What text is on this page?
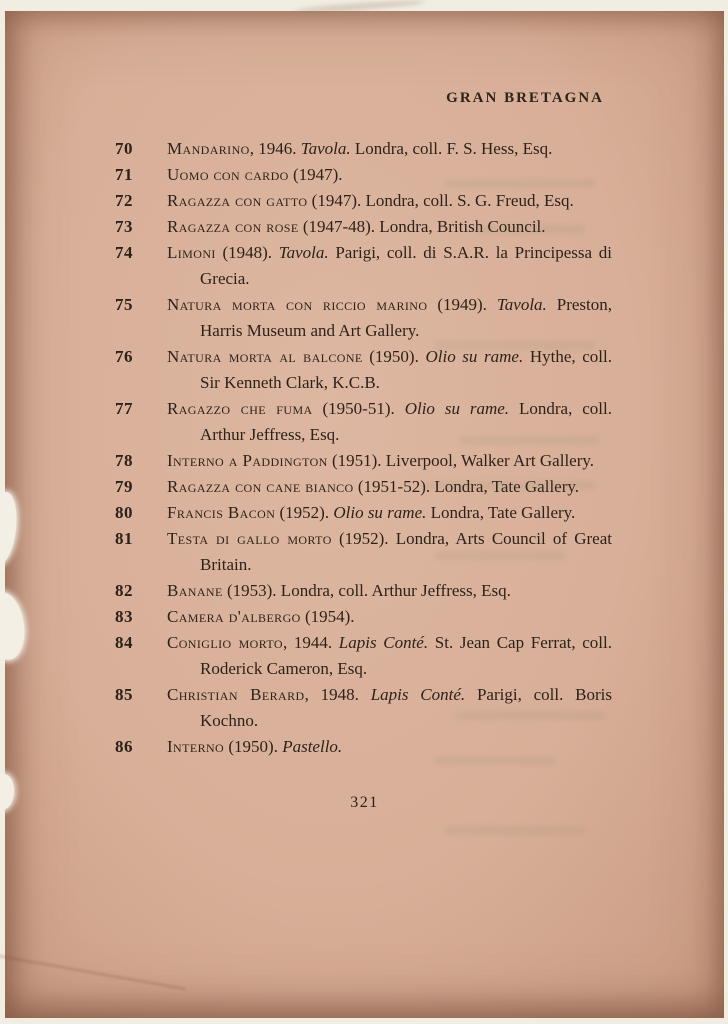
GRAN BRETAGNA
70 Mandarino, 1946. Tavola. Londra, coll. F. S. Hess, Esq.
71 Uomo con cardo (1947).
72 Ragazza con gatto (1947). Londra, coll. S. G. Freud, Esq.
73 Ragazza con rose (1947-48). Londra, British Council.
74 Limoni (1948). Tavola. Parigi, coll. di S.A.R. la Principessa di Grecia.
75 Natura morta con riccio marino (1949). Tavola. Preston, Harris Museum and Art Gallery.
76 Natura morta al balcone (1950). Olio su rame. Hythe, coll. Sir Kenneth Clark, K.C.B.
77 Ragazzo che fuma (1950-51). Olio su rame. Londra, coll. Arthur Jeffress, Esq.
78 Interno a Paddington (1951). Liverpool, Walker Art Gallery.
79 Ragazza con cane bianco (1951-52). Londra, Tate Gallery.
80 Francis Bacon (1952). Olio su rame. Londra, Tate Gallery.
81 Testa di gallo morto (1952). Londra, Arts Council of Great Britain.
82 Banane (1953). Londra, coll. Arthur Jeffress, Esq.
83 Camera d'albergo (1954).
84 Coniglio morto, 1944. Lapis Conté. St. Jean Cap Ferrat, coll. Roderick Cameron, Esq.
85 Christian Berard, 1948. Lapis Conté. Parigi, coll. Boris Kochno.
86 Interno (1950). Pastello.
321
